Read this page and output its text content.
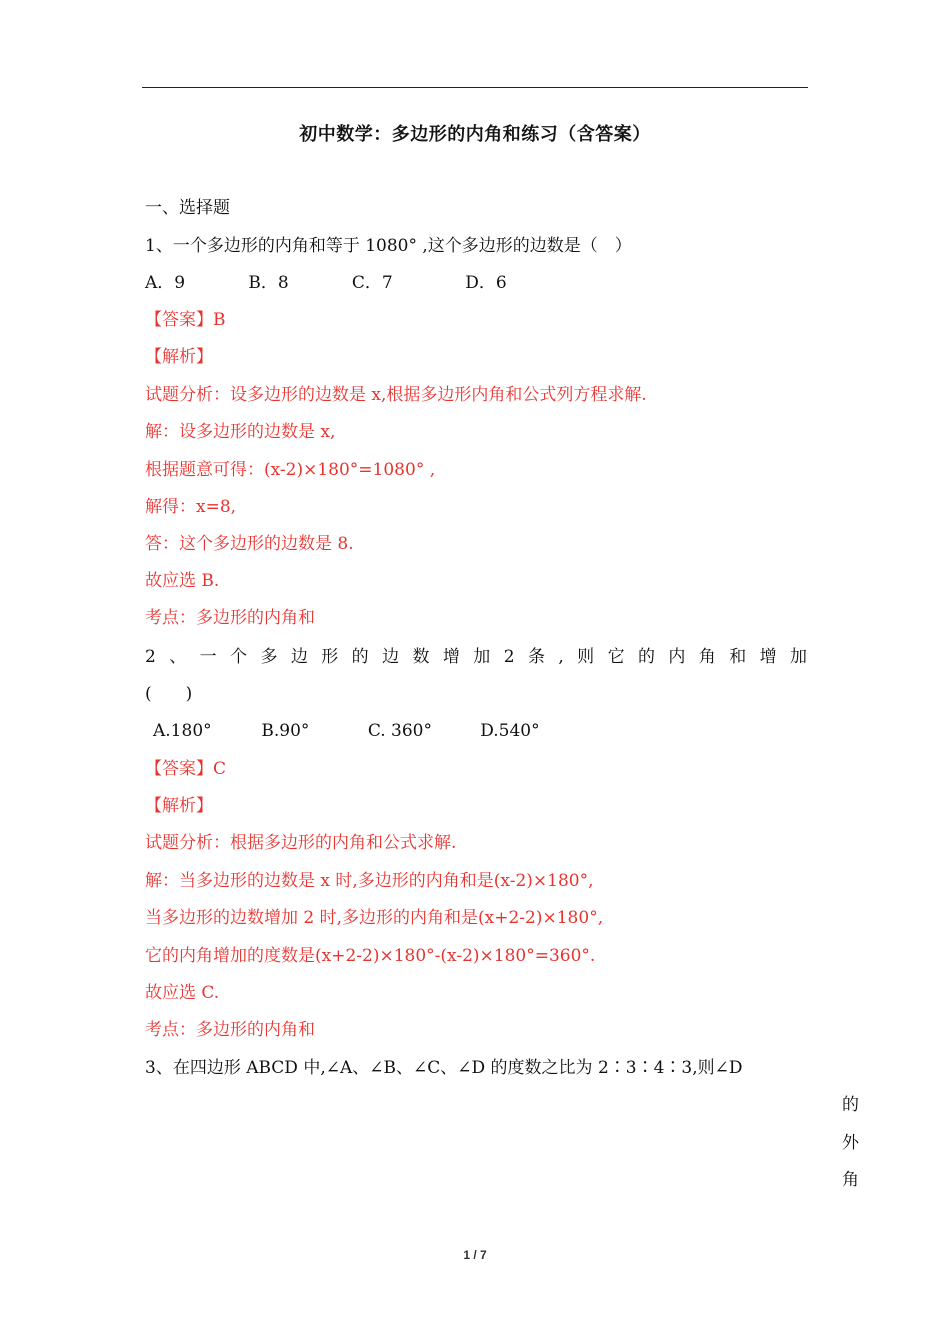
初中数学：多边形的内角和练习（含答案）
一、选择题
1、一个多边形的内角和等于 1080° ,这个多边形的边数是（　）
A．9	B．8	C．7	D．6
【答案】B
【解析】
试题分析：设多边形的边数是 x,根据多边形内角和公式列方程求解.
解：设多边形的边数是 x,
根据题意可得：(x-2)×180°=1080° ,
解得：x=8,
答：这个多边形的边数是 8.
故应选 B.
考点：多边形的内角和
2 、 一 个 多 边 形 的 边 数 增 加 2 条 , 则 它 的 内 角 和 增 加
(　　)
A.180°	B.90°	C. 360°	D.540°
【答案】C
【解析】
试题分析：根据多边形的内角和公式求解.
解：当多边形的边数是 x 时,多边形的内角和是(x-2)×180°,
当多边形的边数增加 2 时,多边形的内角和是(x+2-2)×180°,
它的内角增加的度数是(x+2-2)×180°-(x-2)×180°=360°.
故应选 C.
考点：多边形的内角和
3、在四边形 ABCD 中,∠A、∠B、∠C、∠D 的度数之比为 2∶3∶4∶3,则∠D
的
外
角
1 / 7
